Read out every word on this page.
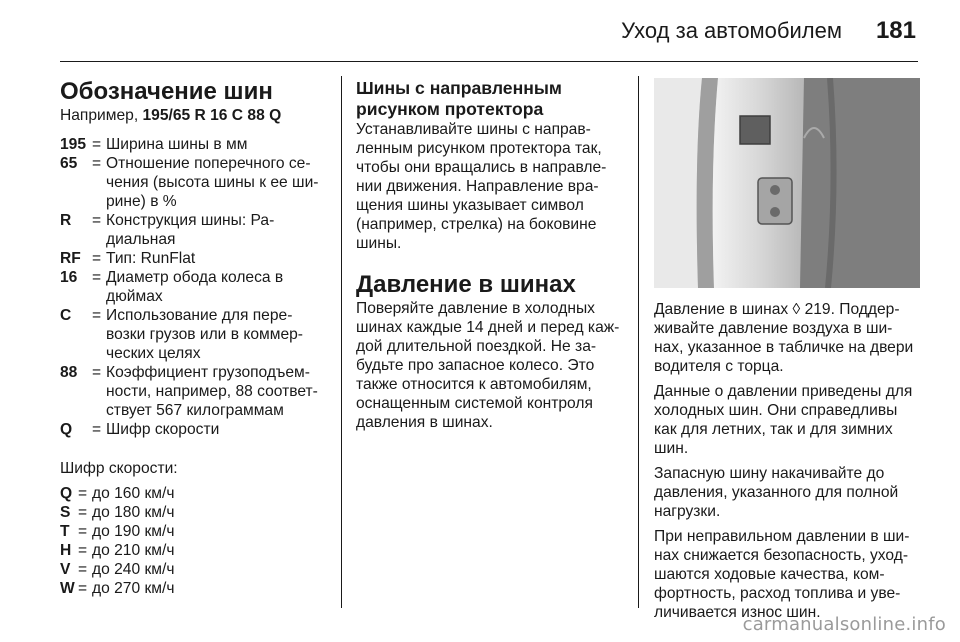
Уход за автомобилем 181
Обозначение шин

Например, 195/65 R 16 C 88 Q

195 = Ширина шины в мм
65 = Отношение поперечного се-
чения (высота шины к ее ши-
рине) в %
R	= Конструкция шины: Ра-
диальная
RF = Тип: RunFlat
16 = Диаметр обода колеса в
дюймах
C	= Использование для пере-
возки грузов или в коммер-
ческих целях
88 = Коэффициент грузоподъем-
ности, например, 88 соответ-
ствует 567 килограммам
Q	= Шифр скорости

Шифр скорости:

Q = до 160 км/ч
S = до 180 км/ч
T = до 190 км/ч
H = до 210 км/ч
V = до 240 км/ч
W = до 270 км/ч
Шины с направленным
рисунком протектора

Устанавливайте шины с направ-
ленным рисунком протектора так,
чтобы они вращались в направле-
нии движения. Направление вра-
щения шины указывает символ
(например, стрелка) на боковине
шины.

Давление в шинах

Поверяйте давление в холодных
шинах каждые 14 дней и перед каж-
дой длительной поездкой. Не за-
будьте про запасное колесо. Это
также относится к автомобилям,
оснащенным системой контроля
давления в шинах.

Давление в шинах ◊ 219. Поддер-
живайте давление воздуха в ши-
нах, указанное в табличке на двери
водителя с торца.

Данные о давлении приведены для
холодных шин. Они справедливы
как для летних, так и для зимних
шин.

Запасную шину накачивайте до
давления, указанного для полной
нагрузки.

При неправильном давлении в ши-
нах снижается безопасность, уход-
шаются ходовые качества, ком-
фортность, расход топлива и уве-
личивается износ шин.

carmanualsonline.info
